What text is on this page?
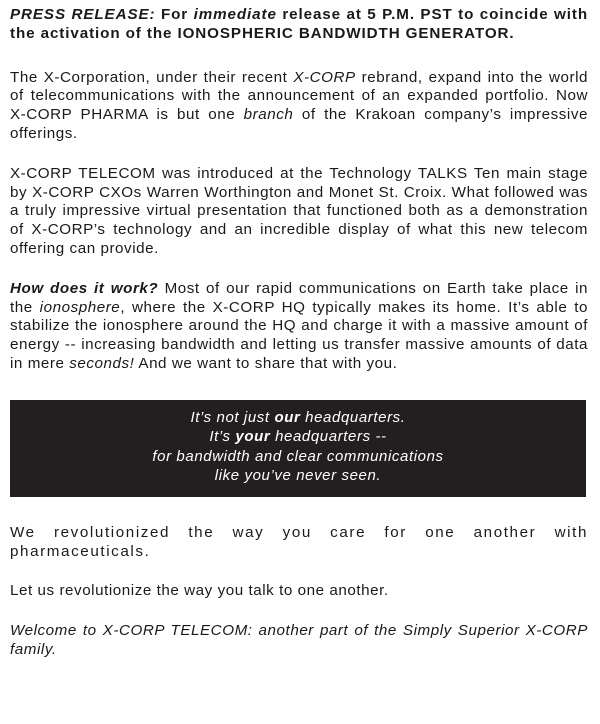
PRESS RELEASE: For immediate release at 5 P.M. PST to coincide with the activation of the IONOSPHERIC BANDWIDTH GENERATOR.

The X-Corporation, under their recent X-CORP rebrand, expand into the world of telecommunications with the announcement of an expanded portfolio. Now X-CORP PHARMA is but one branch of the Krakoan company’s impressive offerings.

X-CORP TELECOM was introduced at the Technology TALKS Ten main stage by X-CORP CXOs Warren Worthington and Monet St. Croix. What followed was a truly impressive virtual presentation that functioned both as a demonstration of X-CORP’s technology and an incredible display of what this new telecom offering can provide.

How does it work? Most of our rapid communications on Earth take place in the ionosphere, where the X-CORP HQ typically makes its home. It’s able to stabilize the ionosphere around the HQ and charge it with a massive amount of energy -- increasing bandwidth and letting us transfer massive amounts of data in mere seconds! And we want to share that with you.

It’s not just our headquarters.
It’s your headquarters --
for bandwidth and clear communications
like you’ve never seen.

We revolutionized the way you care for one another with pharmaceuticals.

Let us revolutionize the way you talk to one another.

Welcome to X-CORP TELECOM: another part of the Simply Superior X-CORP family.
